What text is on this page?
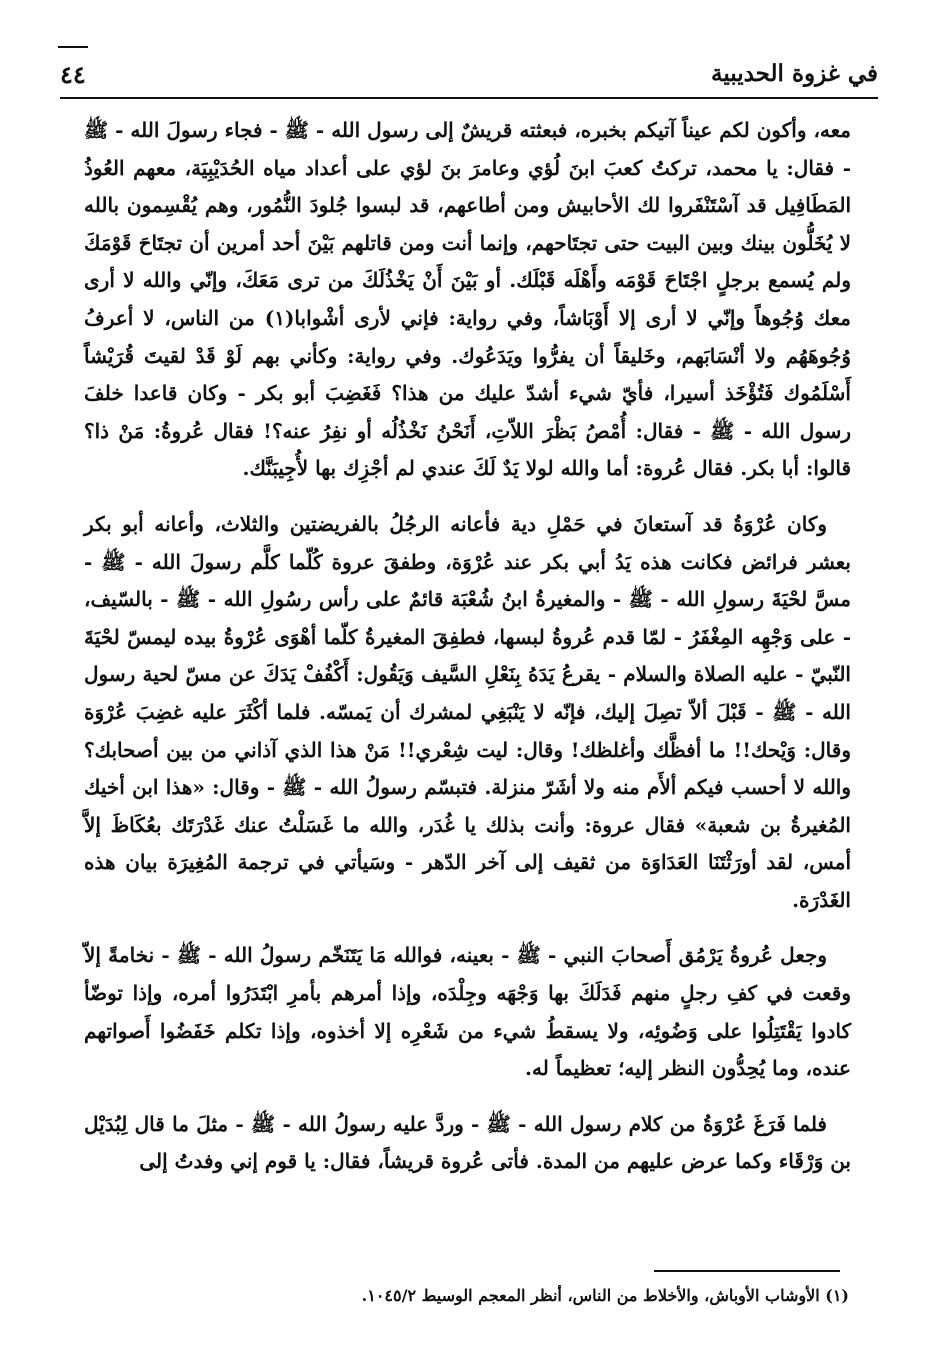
في غزوة الحديبية
٤٤

معه، وأكون لكم عيناً آتيكم بخبره، فبعثته قريشٌ إلى رسول الله - ﷺ - فجاء رسولَ الله - ﷺ - فقال: يا محمد، تركتُ كعبَ ابنَ لُؤي وعامرَ بنَ لؤي على أعداد مياه الحُدَيْبِيَة، معهم العُوذُ المَطَافِيل قد آسْتَنْفَروا لك الأحابيش ومن أطاعهم، قد لبسوا جُلودَ النُّمُور، وهم يُقْسِمون بالله لا يُخَلُّون بينك وبين البيت حتى تجتَاحهم، وإنما أنت ومن قاتلهم بَيْنَ أحد أمرين أن تجتَاحَ قَوْمَكَ ولم يُسمع برجلٍ اجْتَاحَ قَوْمَه وأَهْلَه قَبْلَك. أو بَيْنَ أَنْ يَخْذُلَكَ من ترى مَعَكَ، وإنّي والله لا أرى معك وُجُوهاً وإنّي لا أرى إلا أَوْبَاشاً، وفي رواية: فإني لأرى أشْوابا(١) من الناس، لا أعرفُ وُجُوهَهُم ولا أنْسَابَهم، وخَليقاً أن يفرُّوا ويَدَعُوك. وفي رواية: وكأني بهم لَوْ قَدْ لقيتَ قُرَيْشاً أَسْلَمُوك فَتُؤْخَذ أسيرا، فأيّ شيء أشدّ عليك من هذا؟ فَغَضِبَ أبو بكر - وكان قاعدا خلفَ رسول الله - ﷺ - فقال: أُمْصُ بَظْرَ اللاّتِ، أَنَحْنُ نَخْذُلُه أو نفِرُ عنه؟! فقال عُروةُ: مَنْ ذا؟ قالوا: أبا بكر. فقال عُروة: أما والله لولا يَدٌ لَكَ عندي لم أجْزِك بها لأُجِيبَنَّك.

وكان عُرْوَةُ قد آستعانَ في حَمْلِ دية فأعانه الرجُلُ بالفريضتين والثلاث، وأعانه أبو بكر بعشر فرائض فكانت هذه يَدُ أبي بكر عند عُرْوَة، وطفقَ عروة كُلّما كلَّم رسولَ الله - ﷺ - مسَّ لحْيَةَ رسولِ الله - ﷺ - والمغيرةُ ابنُ شُعْبَة قائمٌ على رأس رسُولِ الله - ﷺ - بالسّيف، - على وَجْهِه المِغْفَرُ - لمّا قدم عُروةُ لبسها، فطفِقَ المغيرةُ كلّما أهْوَى عُرْوةُ بيده ليمسّ لحْيَةَ النّبيّ - عليه الصلاة والسلام - يقرعُ يَدَهُ بِنَعْلِ السَّيف وَيَقُول: أَكْفُفْ يَدَكَ عن مسّ لحية رسول الله - ﷺ - قَبْلَ ألاّ تصِلَ إليك، فإنّه لا يَنْبَغِي لمشرك أن يَمسّه. فلما أكْثَرَ عليه غضِبَ عُرْوَة وقال: وَيْحك!! ما أفظَّك وأغلظك! وقال: ليت شِعْري!! مَنْ هذا الذي آذاني من بين أصحابك؟ والله لا أحسب فيكم ألأَم منه ولا أشَرّ منزلة. فتبسّم رسولُ الله - ﷺ - وقال: «هذا ابن أخيك المُغيرةُ بن شعبة» فقال عروة: وأنت بذلك يا غُدَر، والله ما غَسَلْتُ عنك غَدْرَتَك بعُكَاظَ إلاَّ أمس، لقد أورَثْتَنَا العَدَاوَة من ثقيف إلى آخر الدّهر - وسَيأتي في ترجمة المُغِيرَة بيان هذه الغَدْرَة.

وجعل عُروةُ يَرْمُق أَصحابَ النبي - ﷺ - بعينه، فوالله مَا يَتَنَخّم رسولُ الله - ﷺ - نخامةً إلاّ وقعت في كفِ رجلٍ منهم فَدَلَكَ بها وَجْهَه وجِلْدَه، وإذا أمرهم بأمرِ ابْتَدَرُوا أمره، وإذا توضّأ كادوا يَقْتَتِلُوا على وَضُوئِه، ولا يسقطُ شيء من شَعْرِه إلا أخذوه، وإذا تكلم خَفَضُوا أَصواتهم عنده، وما يُحِدُّون النظر إليه؛ تعظيماً له.

فلما فَرَغَ عُرْوَةُ من كلام رسول الله - ﷺ - وردَّ عليه رسولُ الله - ﷺ - مثلَ ما قال لِبُدَيْل بن وَرْقَاء وكما عرض عليهم من المدة. فأتى عُروة قريشاً، فقال: يا قوم إني وفدتُ إلى

(١) الأوشاب الأوباش، والأخلاط من الناس، أنظر المعجم الوسيط ١٠٤٥/٢.
